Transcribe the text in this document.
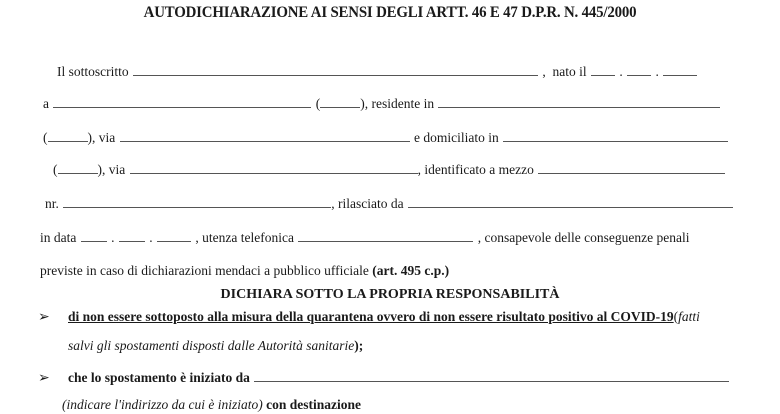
AUTODICHIARAZIONE AI SENSI DEGLI ARTT. 46 E 47 D.P.R. N. 445/2000
Il sottoscritto	, nato il . .
a	(	), residente in
(	), via	e domiciliato in
(	), via	, identificato a mezzo
nr.	, rilasciato da
in data	.	.	, utenza telefonica	, consapevole delle conseguenze penali
previste in caso di dichiarazioni mendaci a pubblico ufficiale (art. 495 c.p.)
DICHIARA SOTTO LA PROPRIA RESPONSABILITÀ
➢ di non essere sottoposto alla misura della quarantena ovvero di non essere risultato positivo al COVID-19(fatti
salvi gli spostamenti disposti dalle Autorità sanitarie);
➢ che lo spostamento è iniziato da
(indicare l'indirizzo da cui è iniziato) con destinazione
